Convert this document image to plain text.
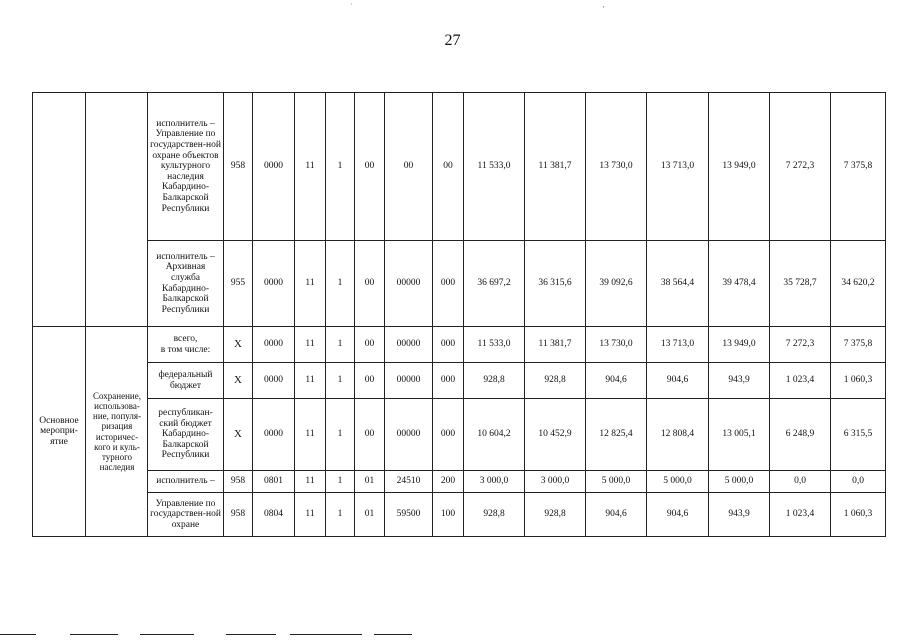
·                                                                                                                             ,
27
		исполнитель – Управление по государствен-ной охране объектов культурного наследия Кабардино-Балкарской Республики	958	0000	11	1	00	00	00	11 533,0	11 381,7	13 730,0	13 713,0	13 949,0	7 272,3	7 375,8
		исполнитель – Архивная служба Кабардино-Балкарской Республики	955	0000	11	1	00	00000	000	36 697,2	36 315,6	39 092,6	38 564,4	39 478,4	35 728,7	34 620,2
Основное меропри-ятие	Сохранение, использова-ние, популя-ризация историчес-кого и куль-турного наследия	всего,
в том числе:	Х	0000	11	1	00	00000	000	11 533,0	11 381,7	13 730,0	13 713,0	13 949,0	7 272,3	7 375,8
		федеральный бюджет	Х	0000	11	1	00	00000	000	928,8	928,8	904,6	904,6	943,9	1 023,4	1 060,3
		республикан-ский бюджет Кабардино-Балкарской Республики	Х	0000	11	1	00	00000	000	10 604,2	10 452,9	12 825,4	12 808,4	13 005,1	6 248,9	6 315,5
		исполнитель –	958	0801	11	1	01	24510	200	3 000,0	3 000,0	5 000,0	5 000,0	5 000,0	0,0	0,0
		Управление по государствен-ной охране	958	0804	11	1	01	59500	100	928,8	928,8	904,6	904,6	943,9	1 023,4	1 060,3
